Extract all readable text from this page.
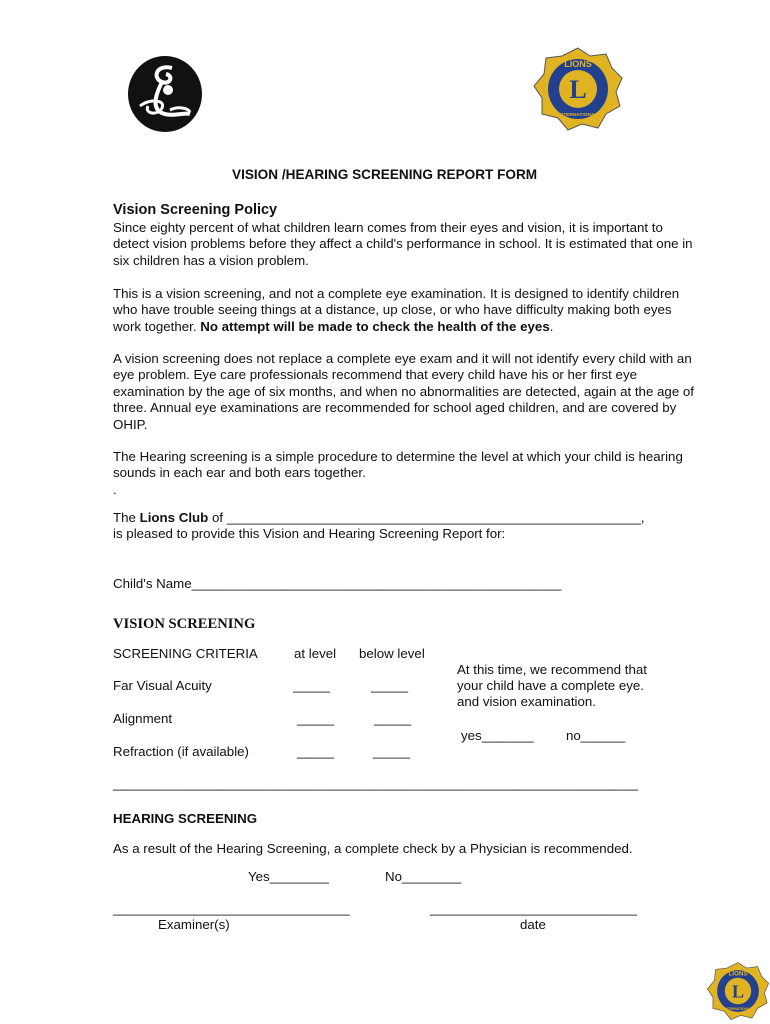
L
LIONS
INTERNATIONAL
VISION /HEARING SCREENING REPORT FORM
Vision Screening Policy

Since eighty percent of what children learn comes from their eyes and vision, it is important to detect vision problems before they affect a child's performance in school. It is estimated that one in six children has a vision problem.

This is a vision screening, and not a complete eye examination. It is designed to identify children who have trouble seeing things at a distance, up close, or who have difficulty making both eyes work together. No attempt will be made to check the health of the eyes.

A vision screening does not replace a complete eye exam and it will not identify every child with an eye problem. Eye care professionals recommend that every child have his or her first eye examination by the age of six months, and when no abnormalities are detected, again at the age of three. Annual eye examinations are recommended for school aged children, and are covered by OHIP.

The Hearing screening is a simple procedure to determine the level at which your child is hearing sounds in each ear and both ears together.

.

The Lions Club of ________________________________________________________,
is pleased to provide this Vision and Hearing Screening Report for:
Child's Name__________________________________________________
VISION SCREENING
SCREENING CRITERIA	at level below level
Far Visual Acuity	_____	_____
Alignment	_____	_____
Refraction (if available)	_____	_____
At this time, we recommend that
your child have a complete eye.
and vision examination.
yes_______ no______
_______________________________________________________________________
HEARING SCREENING
As a result of the Hearing Screening, a complete check by a Physician is recommended.
Yes________	No________
________________________________
Examiner(s)
____________________________
date
L
LIONS
INTERNATIONAL
